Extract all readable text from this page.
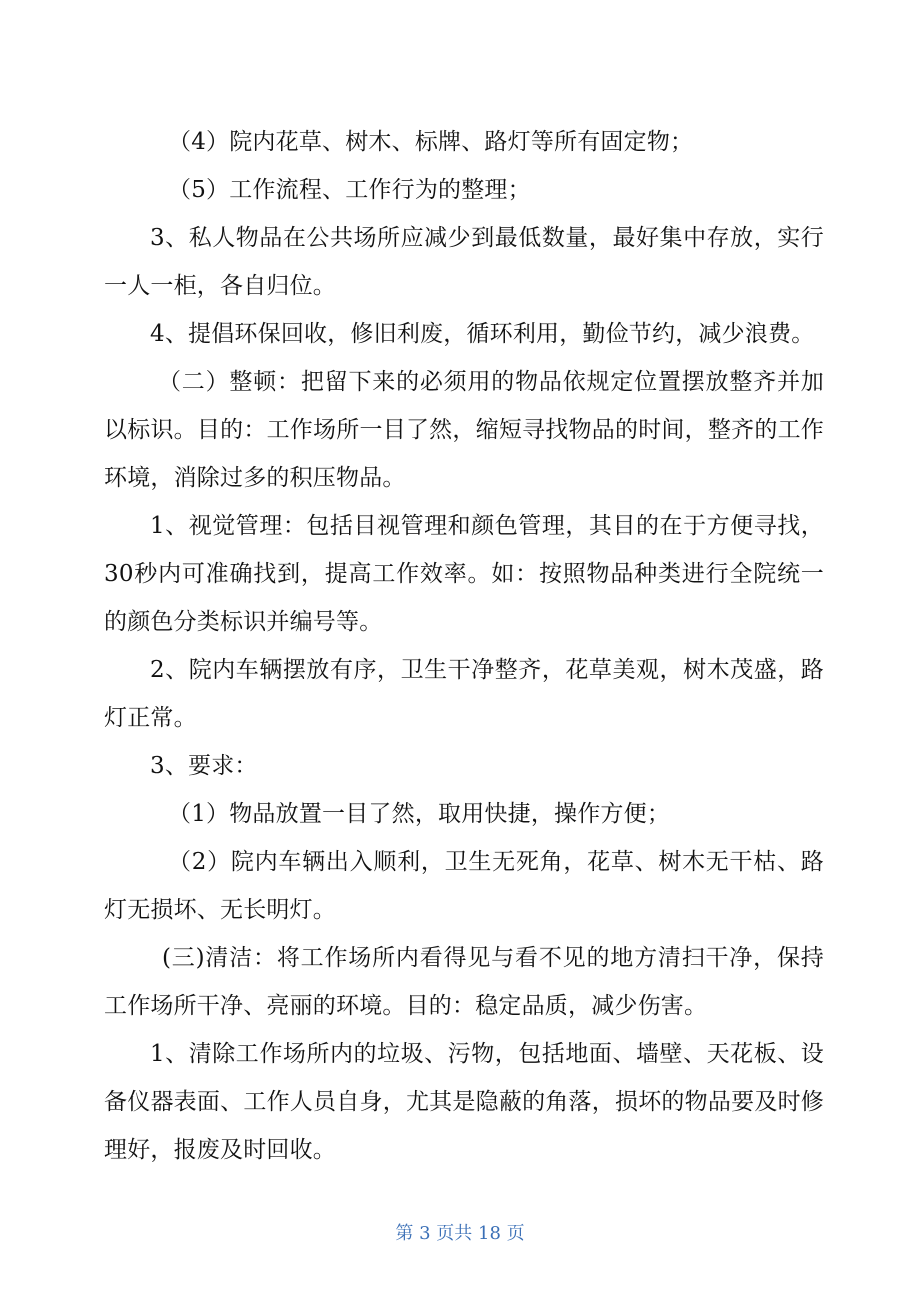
（4）院内花草、树木、标牌、路灯等所有固定物；

（5）工作流程、工作行为的整理；

3、私人物品在公共场所应减少到最低数量，最好集中存放，实行一人一柜，各自归位。

4、提倡环保回收，修旧利废，循环利用，勤俭节约，减少浪费。

（二）整顿：把留下来的必须用的物品依规定位置摆放整齐并加以标识。目的：工作场所一目了然，缩短寻找物品的时间，整齐的工作环境，消除过多的积压物品。

1、视觉管理：包括目视管理和颜色管理，其目的在于方便寻找，30秒内可准确找到，提高工作效率。如：按照物品种类进行全院统一的颜色分类标识并编号等。

2、院内车辆摆放有序，卫生干净整齐，花草美观，树木茂盛，路灯正常。

3、要求：

（1）物品放置一目了然，取用快捷，操作方便；

（2）院内车辆出入顺利，卫生无死角，花草、树木无干枯、路灯无损坏、无长明灯。

(三)清洁：将工作场所内看得见与看不见的地方清扫干净，保持工作场所干净、亮丽的环境。目的：稳定品质，减少伤害。

1、清除工作场所内的垃圾、污物，包括地面、墙壁、天花板、设备仪器表面、工作人员自身，尤其是隐蔽的角落，损坏的物品要及时修理好，报废及时回收。

第 3 页共 18 页
